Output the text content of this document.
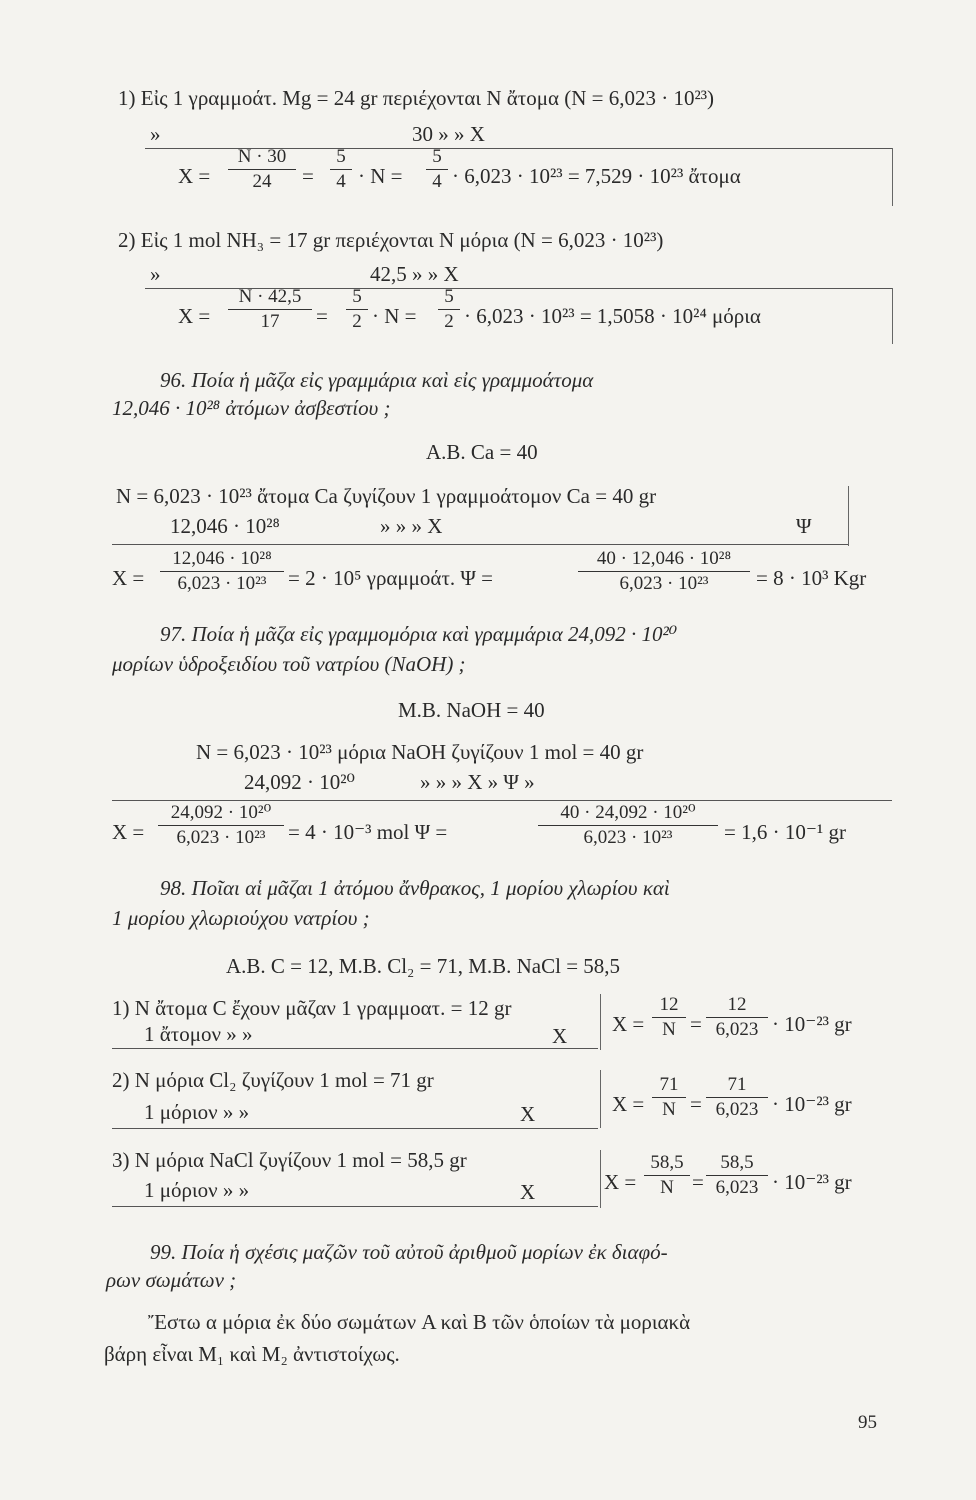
1) Εἰς 1 γραμμοάτ. Mg = 24 gr περιέχονται N ἄτομα (N = 6,023 · 10²³)
»	30 » » X
X =
N · 30
24	=
5
4 · N =
5
4 · 6,023 · 10²³ = 7,529 · 10²³ ἄτομα
2) Εἰς 1 mol NH₃ = 17 gr περιέχονται N μόρια (N = 6,023 · 10²³)
»	42,5 » » X
X =
N · 42,5
17	=
5
2 · N =
5
2 · 6,023 · 10²³ = 1,5058 · 10²⁴ μόρια
96. Ποία ἡ μᾶζα εἰς γραμμάρια καὶ εἰς γραμμοάτομα
12,046 · 10²⁸ ἀτόμων ἀσβεστίου ;
A.B. Ca = 40
N = 6,023 · 10²³ ἄτομα Ca ζυγίζουν 1 γραμμοάτομον Ca = 40 gr
12,046 · 10²⁸	» » » X	Ψ
X =
12,046 · 10²⁸
6,023 · 10²³	= 2 · 10⁵ γραμμοάτ. Ψ =
40 · 12,046 · 10²⁸
6,023 · 10²³	= 8 · 10³ Kgr
97. Ποία ἡ μᾶζα εἰς γραμμομόρια καὶ γραμμάρια 24,092 · 10²⁰
μορίων ὑδροξειδίου τοῦ νατρίου (NaOH) ;
M.B. NaOH = 40
N = 6,023 · 10²³ μόρια NaOH ζυγίζουν 1 mol = 40 gr
24,092 · 10²⁰	» » » X » Ψ »
X =
24,092 · 10²⁰
6,023 · 10²³	= 4 · 10⁻³ mol Ψ =
40 · 24,092 · 10²⁰
6,023 · 10²³	= 1,6 · 10⁻¹ gr
98. Ποῖαι αἱ μᾶζαι 1 ἀτόμου ἄνθρακος, 1 μορίου χλωρίου καὶ
1 μορίου χλωριούχου νατρίου ;
A.B. C = 12, M.B. Cl₂ = 71, M.B. NaCl = 58,5
1) N ἄτομα C ἔχουν μᾶζαν 1 γραμμοατ. = 12 gr
1 ἄτομον » »	X X =
12
N =
12
6,023 · 10⁻²³ gr
2) N μόρια Cl₂ ζυγίζουν 1 mol = 71 gr
1 μόριον » »	X	X =
71
N =
71
6,023 · 10⁻²³ gr
3) N μόρια NaCl ζυγίζουν 1 mol = 58,5 gr
1 μόριον » »	X	X =
58,5
N =
58,5
6,023 · 10⁻²³ gr
99. Ποία ἡ σχέσις μαζῶν τοῦ αὐτοῦ ἀριθμοῦ μορίων ἐκ διαφό-
ρων σωμάτων ;
Ἔστω α μόρια ἐκ δύο σωμάτων A καὶ B τῶν ὁποίων τὰ μοριακὰ
βάρη εἶναι M₁ καὶ M₂ ἀντιστοίχως.
95
